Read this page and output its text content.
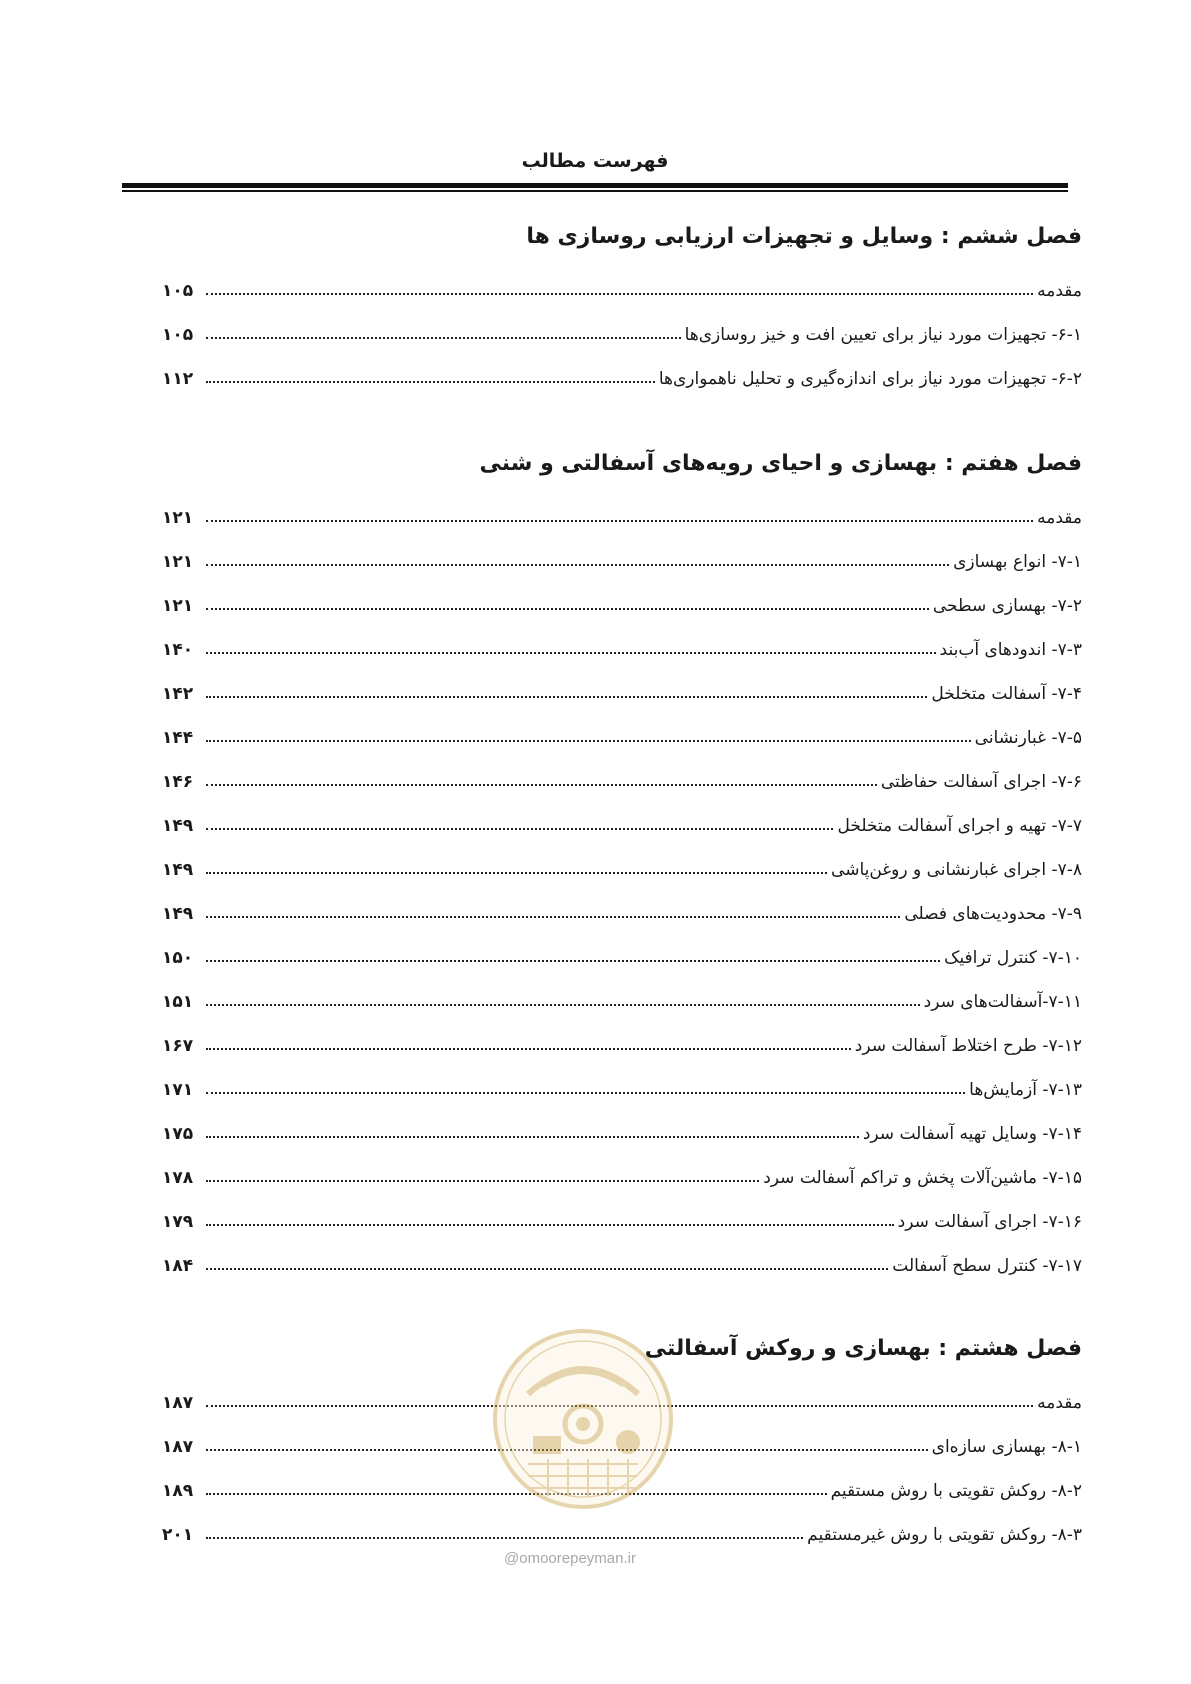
فهرست مطالب
فصل ششم : وسایل و تجهیزات ارزیابی روسازی ها
مقدمه
۱۰۵
۶-۱- تجهیزات مورد نیاز برای تعیین افت و خیز روسازی‌ها
۱۰۵
۶-۲- تجهیزات مورد نیاز برای اندازه‌گیری و تحلیل ناهمواری‌ها
۱۱۲
فصل هفتم : بهسازی و احیای رویه‌های آسفالتی و شنی
مقدمه
۱۲۱
۷-۱- انواع بهسازی
۱۲۱
۷-۲- بهسازی سطحی
۱۲۱
۷-۳- اندودهای آب‌بند
۱۴۰
۷-۴- آسفالت متخلخل
۱۴۲
۷-۵- غبارنشانی
۱۴۴
۷-۶- اجرای آسفالت حفاظتی
۱۴۶
۷-۷- تهیه و اجرای آسفالت متخلخل
۱۴۹
۷-۸- اجرای غبارنشانی و روغن‌پاشی
۱۴۹
۷-۹- محدودیت‌های فصلی
۱۴۹
۷-۱۰- کنترل ترافیک
۱۵۰
۷-۱۱-آسفالت‌های سرد
۱۵۱
۷-۱۲- طرح اختلاط آسفالت سرد
۱۶۷
۷-۱۳- آزمایش‌ها
۱۷۱
۷-۱۴- وسایل تهیه آسفالت سرد
۱۷۵
۷-۱۵- ماشین‌آلات پخش و تراکم آسفالت سرد
۱۷۸
۷-۱۶- اجرای آسفالت سرد
۱۷۹
۷-۱۷- کنترل سطح آسفالت
۱۸۴
فصل هشتم : بهسازی و روکش آسفالتی
مقدمه
۱۸۷
۸-۱- بهسازی سازه‌ای
۱۸۷
۸-۲- روکش تقویتی با روش مستقیم
۱۸۹
۸-۳- روکش تقویتی با روش غیرمستقیم
۲۰۱
@omoorepeyman.ir
